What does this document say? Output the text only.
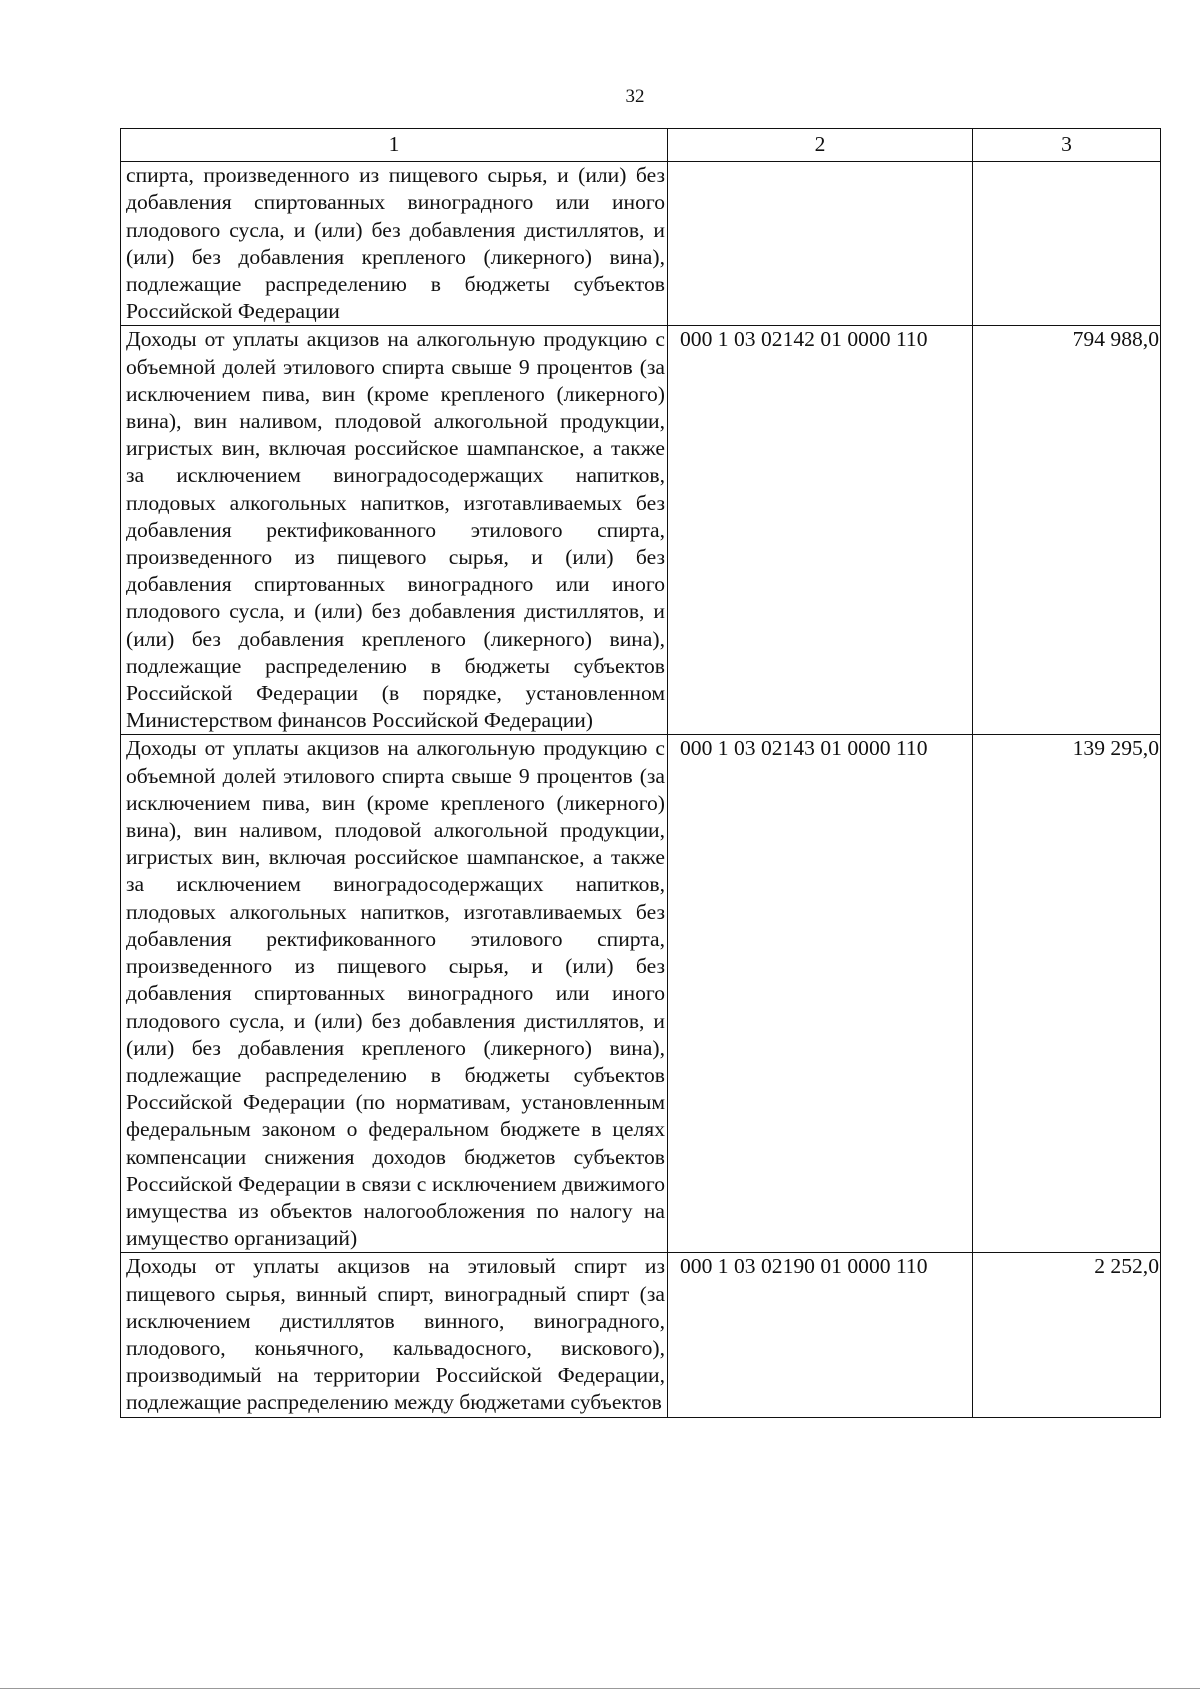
32
1	2	3
спирта, произведенного из пищевого сырья, и (или) без добавления спиртованных виноградного или иного плодового сусла, и (или) без добавления дистиллятов, и (или) без добавления крепленого (ликерного) вина), подлежащие распределению в бюджеты субъектов Российской Федерации		
Доходы от уплаты акцизов на алкогольную продукцию с объемной долей этилового спирта свыше 9 процентов (за исключением пива, вин (кроме крепленого (ликерного) вина), вин наливом, плодовой алкогольной продукции, игристых вин, включая российское шампанское, а также за исключением виноградосодержащих напитков, плодовых алкогольных напитков, изготавливаемых без добавления ректификованного этилового спирта, произведенного из пищевого сырья, и (или) без добавления спиртованных виноградного или иного плодового сусла, и (или) без добавления дистиллятов, и (или) без добавления крепленого (ликерного) вина), подлежащие распределению в бюджеты субъектов Российской Федерации (в порядке, установленном Министерством финансов Российской Федерации)	000 1 03 02142 01 0000 110	794 988,0
Доходы от уплаты акцизов на алкогольную продукцию с объемной долей этилового спирта свыше 9 процентов (за исключением пива, вин (кроме крепленого (ликерного) вина), вин наливом, плодовой алкогольной продукции, игристых вин, включая российское шампанское, а также за исключением виноградосодержащих напитков, плодовых алкогольных напитков, изготавливаемых без добавления ректификованного этилового спирта, произведенного из пищевого сырья, и (или) без добавления спиртованных виноградного или иного плодового сусла, и (или) без добавления дистиллятов, и (или) без добавления крепленого (ликерного) вина), подлежащие распределению в бюджеты субъектов Российской Федерации (по нормативам, установленным федеральным законом о федеральном бюджете в целях компенсации снижения доходов бюджетов субъектов Российской Федерации в связи с исключением движимого имущества из объектов налогообложения по налогу на имущество организаций)	000 1 03 02143 01 0000 110	139 295,0
Доходы от уплаты акцизов на этиловый спирт из пищевого сырья, винный спирт, виноградный спирт (за исключением дистиллятов винного, виноградного, плодового, коньячного, кальвадосного, вискового), производимый на территории Российской Федерации, подлежащие распределению между бюджетами субъектов	000 1 03 02190 01 0000 110	2 252,0
